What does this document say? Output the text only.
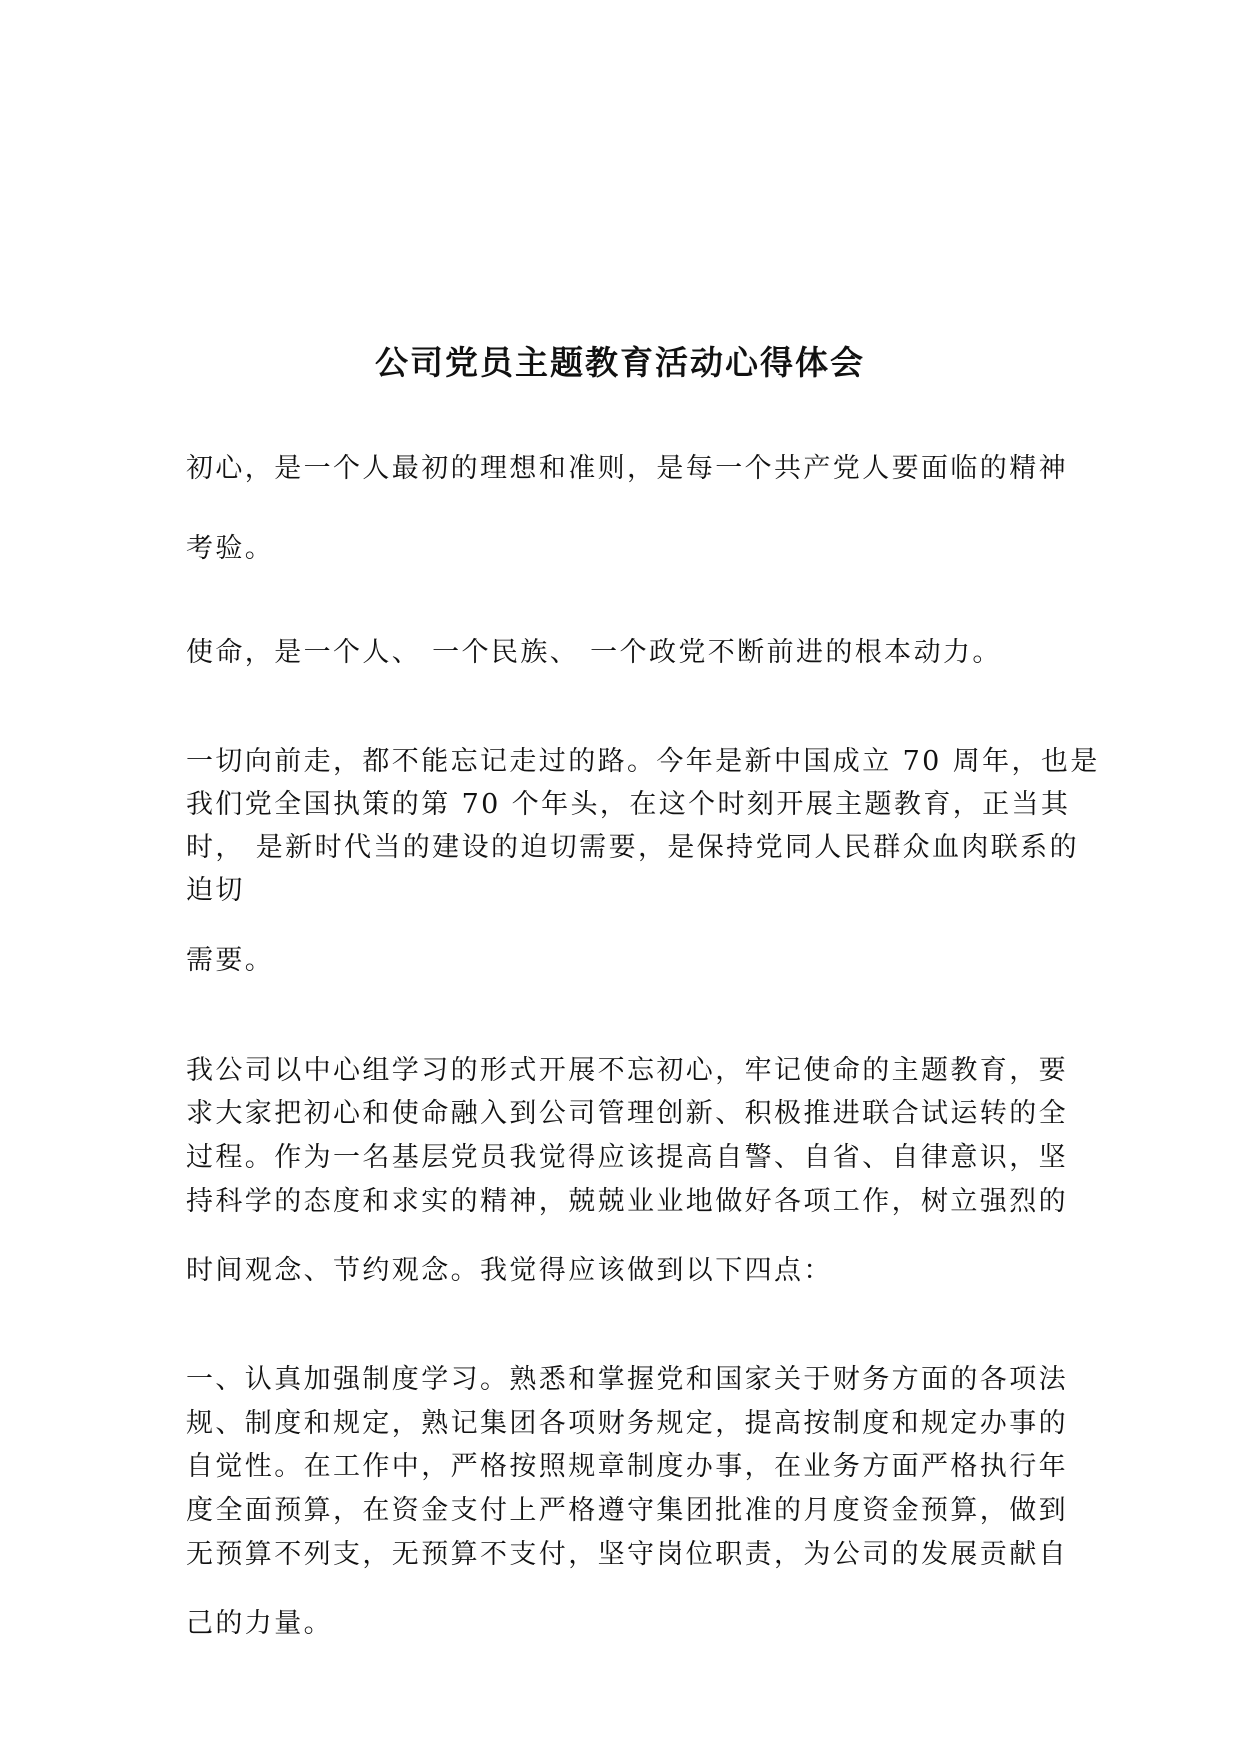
公司党员主题教育活动心得体会
初心，是一个人最初的理想和准则，是每一个共产党人要面临的精神
考验。
使命，是一个人、 一个民族、 一个政党不断前进的根本动力。
一切向前走，都不能忘记走过的路。今年是新中国成立 70 周年，也是
我们党全国执策的第 70 个年头，在这个时刻开展主题教育，正当其
时， 是新时代当的建设的迫切需要，是保持党同人民群众血肉联系的
迫切
需要。
我公司以中心组学习的形式开展不忘初心，牢记使命的主题教育，要
求大家把初心和使命融入到公司管理创新、积极推进联合试运转的全
过程。作为一名基层党员我觉得应该提高自警、自省、自律意识，坚
持科学的态度和求实的精神，兢兢业业地做好各项工作，树立强烈的
时间观念、节约观念。我觉得应该做到以下四点：
一、认真加强制度学习。熟悉和掌握党和国家关于财务方面的各项法
规、制度和规定，熟记集团各项财务规定，提高按制度和规定办事的
自觉性。在工作中，严格按照规章制度办事，在业务方面严格执行年
度全面预算，在资金支付上严格遵守集团批准的月度资金预算，做到
无预算不列支，无预算不支付，坚守岗位职责，为公司的发展贡献自
己的力量。
